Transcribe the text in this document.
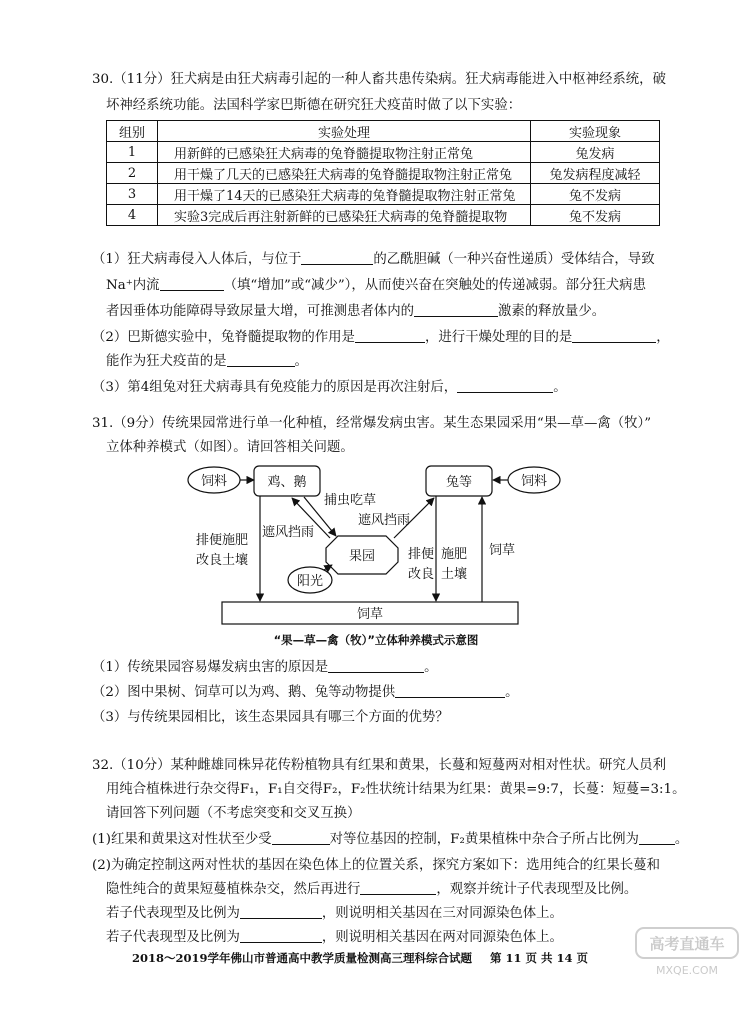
30.（11分）狂犬病是由狂犬病毒引起的一种人畜共患传染病。狂犬病毒能进入中枢神经系统，破
坏神经系统功能。法国科学家巴斯德在研究狂犬疫苗时做了以下实验：
组别	实验处理	实验现象
1	用新鲜的已感染狂犬病毒的兔脊髓提取物注射正常兔	兔发病
2	用干燥了几天的已感染狂犬病毒的兔脊髓提取物注射正常兔	兔发病程度减轻
3	用干燥了14天的已感染狂犬病毒的兔脊髓提取物注射正常兔	兔不发病
4	实验3完成后再注射新鲜的已感染狂犬病毒的兔脊髓提取物	兔不发病
（1）狂犬病毒侵入人体后，与位于	的乙酰胆碱（一种兴奋性递质）受体结合，导致
Na⁺内流	（填“增加”或“减少”），从而使兴奋在突触处的传递减弱。部分狂犬病患
者因垂体功能障碍导致尿量大增，可推测患者体内的	激素的释放量少。
（2）巴斯德实验中，兔脊髓提取物的作用是	，进行干燥处理的目的是	，
能作为狂犬疫苗的是	。
（3）第4组兔对狂犬病毒具有免疫能力的原因是再次注射后，	。
31.（9分）传统果园常进行单一化种植，经常爆发病虫害。某生态果园采用“果—草—禽（牧）”
立体种养模式（如图）。请回答相关问题。
饲料	鸡、鹅	兔等	饲料
果园
阳光
捕虫吃草
遮风挡雨
遮风挡雨
饲草
排便施肥
改良土壤	排便
改良
施肥
土壤
饲草
“果—草—禽（牧）”立体种养模式示意图
（1）传统果园容易爆发病虫害的原因是	。
（2）图中果树、饲草可以为鸡、鹅、兔等动物提供	。
（3）与传统果园相比，该生态果园具有哪三个方面的优势？
32.（10分）某种雌雄同株异花传粉植物具有红果和黄果，长蔓和短蔓两对相对性状。研究人员利
用纯合植株进行杂交得F₁，F₁自交得F₂，F₂性状统计结果为红果：黄果=9:7，长蔓：短蔓=3:1。
请回答下列问题（不考虑突变和交叉互换）
(1)红果和黄果这对性状至少受	对等位基因的控制，F₂黄果植株中杂合子所占比例为	。
(2)为确定控制这两对性状的基因在染色体上的位置关系，探究方案如下：选用纯合的红果长蔓和
隐性纯合的黄果短蔓植株杂交，然后再进行	，观察并统计子代表现型及比例。
若子代表现型及比例为	，则说明相关基因在三对同源染色体上。
若子代表现型及比例为	，则说明相关基因在两对同源染色体上。
2018～2019学年佛山市普通高中教学质量检测高三理科综合试题 第 11 页 共 14 页
高考直通车
MXQE.COM
